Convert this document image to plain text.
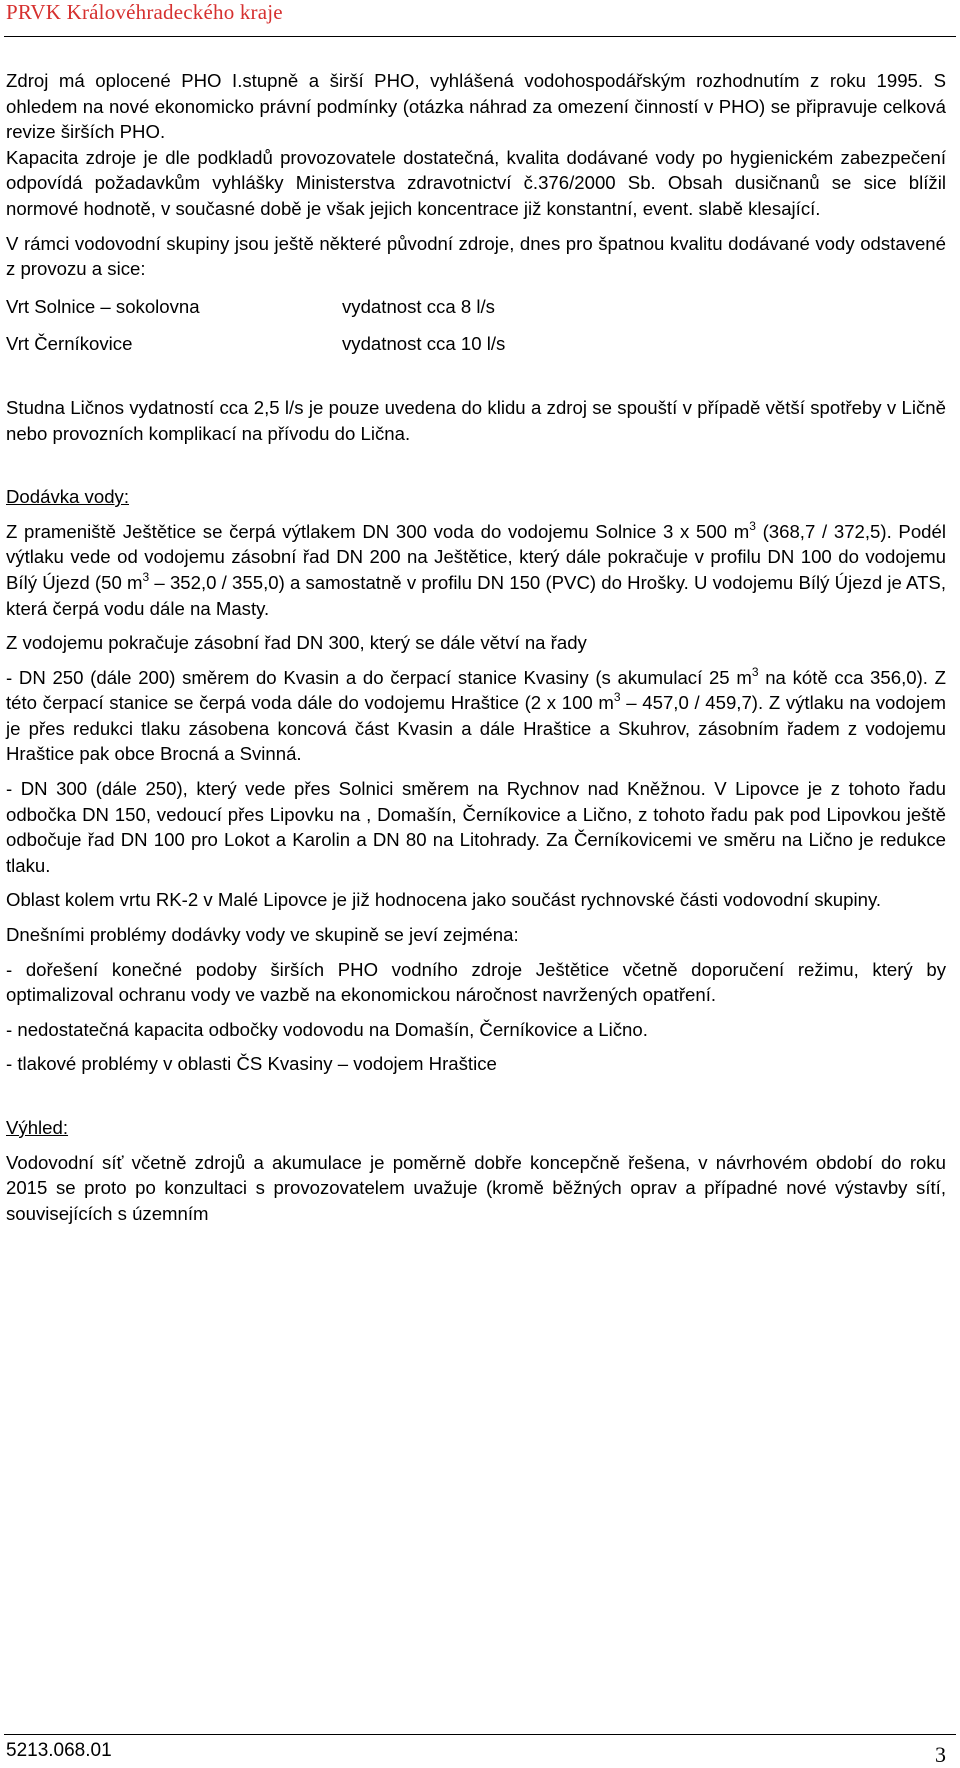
PRVK Královéhradeckého kraje

Zdroj má oplocené PHO I.stupně a širší PHO, vyhlášená vodohospodářským rozhodnutím z roku 1995. S ohledem na nové ekonomicko právní podmínky (otázka náhrad za omezení činností v PHO) se připravuje celková revize širších PHO.

Kapacita zdroje je dle podkladů provozovatele dostatečná, kvalita dodávané vody po hygienickém zabezpečení odpovídá požadavkům vyhlášky Ministerstva zdravotnictví č.376/2000 Sb. Obsah dusičnanů se sice blížil normové hodnotě, v současné době je však jejich koncentrace již konstantní, event. slabě klesající.

V rámci vodovodní skupiny jsou ještě některé původní zdroje, dnes pro špatnou kvalitu dodávané vody odstavené z provozu a sice:

Vrt Solnice – sokolovna	vydatnost cca 8 l/s
Vrt Černíkovice	vydatnost cca 10 l/s

Studna Ličnos vydatností cca 2,5 l/s je pouze uvedena do klidu a zdroj se spouští v případě větší spotřeby v Ličně nebo provozních komplikací na přívodu do Lična.

Dodávka vody:

Z prameniště Ještětice se čerpá výtlakem DN 300 voda do vodojemu Solnice 3 x 500 $m^3$ (368,7 / 372,5). Podél výtlaku vede od vodojemu zásobní řad DN 200 na Ještětice, který dále pokračuje v profilu DN 100 do vodojemu Bílý Újezd (50 $m^3 - 352,0 / 355,0$) a samostatně v profilu DN 150 (PVC) do Hrošky. U vodojemu Bílý Újezd je ATS, která čerpá vodu dále na Masty.

Z vodojemu pokračuje zásobní řad DN 300, který se dále větví na řady

- DN 250 (dále 200) směrem do Kvasin a do čerpací stanice Kvasiny (s akumulací 25 $m^3$ na kótě cca 356,0). Z této čerpací stanice se čerpá voda dále do vodojemu Hraštice (2 x 100 $m^3 - 457,0 / 459,7$). Z výtlaku na vodojem je přes redukci tlaku zásobena koncová část Kvasin a dále Hraštice a Skuhrov, zásobním řadem z vodojemu Hraštice pak obce Brocná a Svinná.

- DN 300 (dále 250), který vede přes Solnici směrem na Rychnov nad Kněžnou. V Lipovce je z tohoto řadu odbočka DN 150, vedoucí přes Lipovku na , Domašín, Černíkovice a Lično, z tohoto řadu pak pod Lipovkou ještě odbočuje řad DN 100 pro Lokot a Karolin a DN 80 na Litohrady. Za Černíkovicemi ve směru na Lično je redukce tlaku.

Oblast kolem vrtu RK-2 v Malé Lipovce je již hodnocena jako součást rychnovské části vodovodní skupiny.

Dnešními problémy dodávky vody ve skupině se jeví zejména:

- dořešení konečné podoby širších PHO vodního zdroje Ještětice včetně doporučení režimu, který by optimalizoval ochranu vody ve vazbě na ekonomickou náročnost navržených opatření.

- nedostatečná kapacita odbočky vodovodu na Domašín, Černíkovice a Lično.

- tlakové problémy v oblasti ČS Kvasiny – vodojem Hraštice

Výhled:

Vodovodní síť včetně zdrojů a akumulace je poměrně dobře koncepčně řešena, v návrhovém období do roku 2015 se proto po konzultaci s provozovatelem uvažuje (kromě běžných oprav a případné nové výstavby sítí, souvisejících s územním

5213.068.01	3
